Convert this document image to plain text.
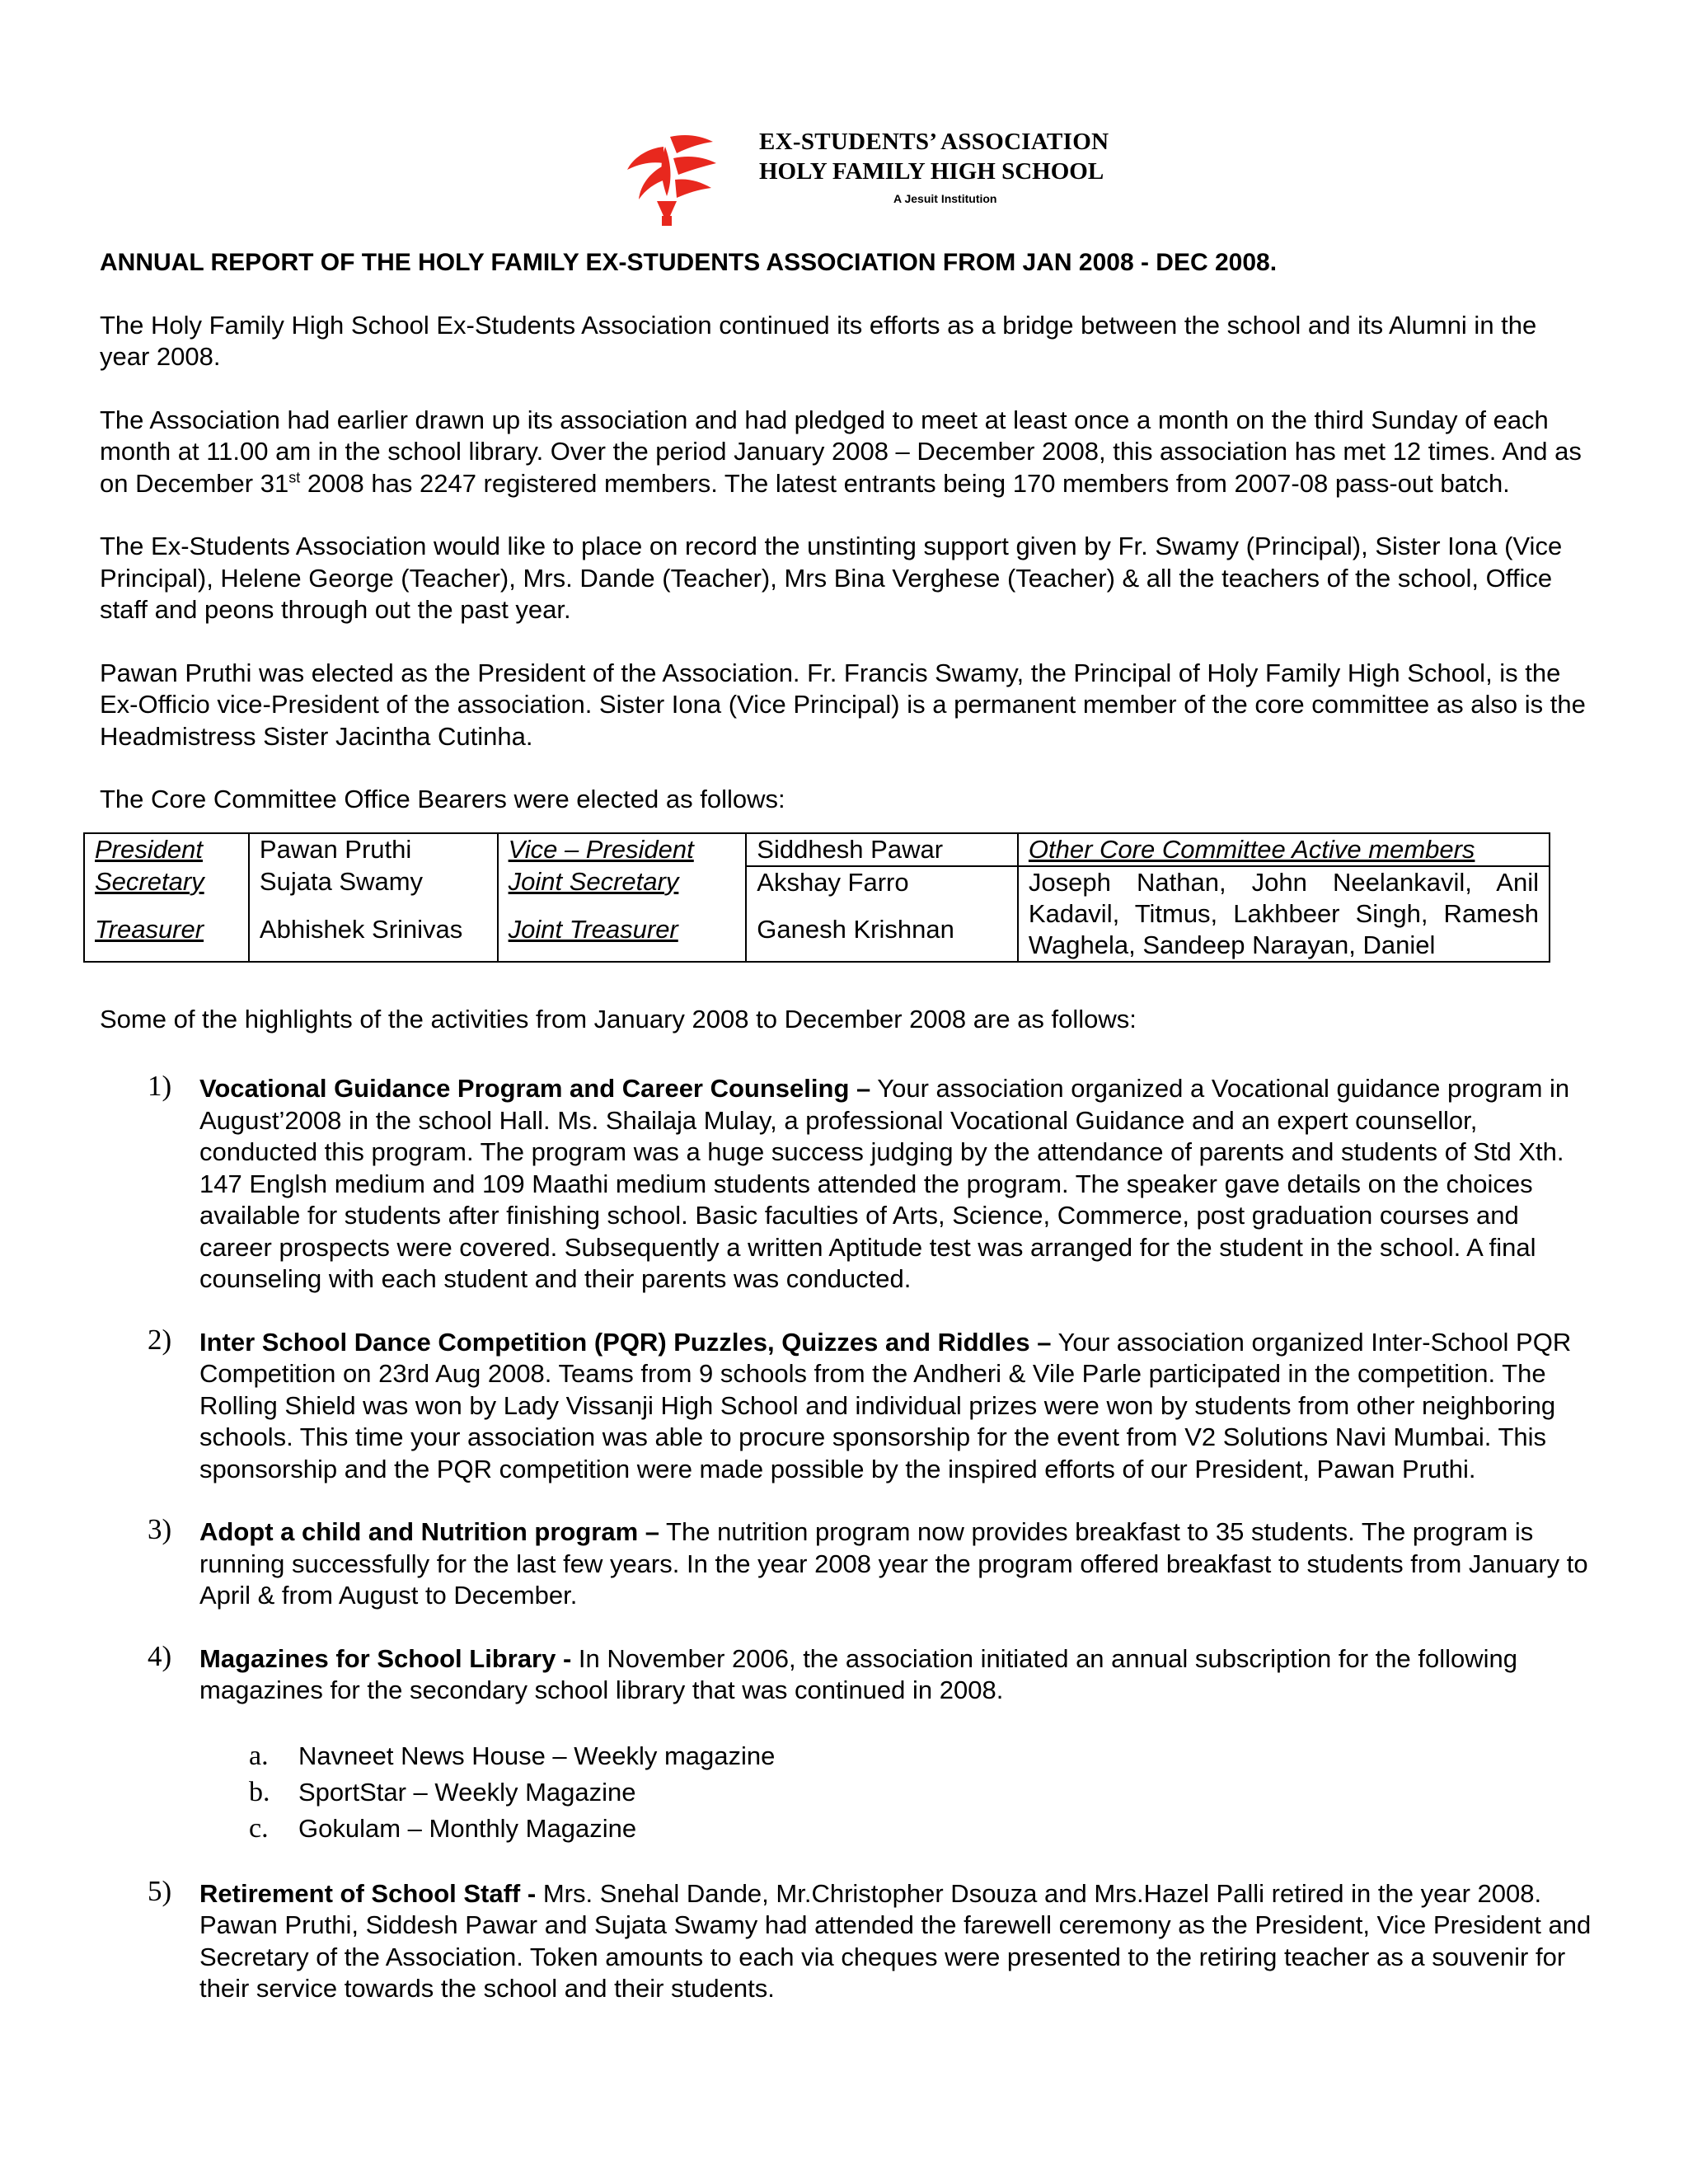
EX-STUDENTS’ ASSOCIATION
HOLY FAMILY HIGH SCHOOL
A Jesuit Institution
ANNUAL REPORT OF THE HOLY FAMILY EX-STUDENTS ASSOCIATION FROM JAN 2008 - DEC 2008.

The Holy Family High School Ex-Students Association continued its efforts as a bridge between the school and its Alumni in the year 2008.

The Association had earlier drawn up its association and had pledged to meet at least once a month on the third Sunday of each month at 11.00 am in the school library. Over the period January 2008 – December 2008, this association has met 12 times. And as on December 31st 2008 has 2247 registered members. The latest entrants being 170 members from 2007-08 pass-out batch.

The Ex-Students Association would like to place on record the unstinting support given by Fr. Swamy (Principal), Sister Iona (Vice Principal), Helene George (Teacher), Mrs. Dande (Teacher), Mrs Bina Verghese (Teacher) & all the teachers of the school, Office staff and peons through out the past year.

Pawan Pruthi was elected as the President of the Association. Fr. Francis Swamy, the Principal of Holy Family High School, is the Ex-Officio vice-President of the association. Sister Iona (Vice Principal) is a permanent member of the core committee as also is the Headmistress Sister Jacintha Cutinha.

The Core Committee Office Bearers were elected as follows:

President	Pawan Pruthi	Vice – President	Siddhesh Pawar	Other Core Committee Active members
Secretary	Sujata Swamy	Joint Secretary	Akshay Farro	Joseph Nathan, John Neelankavil, Anil Kadavil, Titmus, Lakhbeer Singh, Ramesh Waghela, Sandeep Narayan, Daniel
Treasurer	Abhishek Srinivas	Joint Treasurer	Ganesh Krishnan	

Some of the highlights of the activities from January 2008 to December 2008 are as follows:

1) Vocational Guidance Program and Career Counseling – Your association organized a Vocational guidance program in August’2008 in the school Hall. Ms. Shailaja Mulay, a professional Vocational Guidance and an expert counsellor, conducted this program. The program was a huge success judging by the attendance of parents and students of Std Xth. 147 Englsh medium and 109 Maathi medium students attended the program. The speaker gave details on the choices available for students after finishing school. Basic faculties of Arts, Science, Commerce, post graduation courses and career prospects were covered. Subsequently a written Aptitude test was arranged for the student in the school. A final counseling with each student and their parents was conducted.
2) Inter School Dance Competition (PQR) Puzzles, Quizzes and Riddles – Your association organized Inter-School PQR Competition on 23rd Aug 2008. Teams from 9 schools from the Andheri & Vile Parle participated in the competition. The Rolling Shield was won by Lady Vissanji High School and individual prizes were won by students from other neighboring schools. This time your association was able to procure sponsorship for the event from V2 Solutions Navi Mumbai. This sponsorship and the PQR competition were made possible by the inspired efforts of our President, Pawan Pruthi.
3) Adopt a child and Nutrition program – The nutrition program now provides breakfast to 35 students. The program is running successfully for the last few years. In the year 2008 year the program offered breakfast to students from January to April & from August to December.
4) Magazines for School Library - In November 2006, the association initiated an annual subscription for the following magazines for the secondary school library that was continued in 2008.
a. Navneet News House – Weekly magazine
b. SportStar – Weekly Magazine
c. Gokulam – Monthly Magazine
5) Retirement of School Staff - Mrs. Snehal Dande, Mr.Christopher Dsouza and Mrs.Hazel Palli retired in the year 2008. Pawan Pruthi, Siddesh Pawar and Sujata Swamy had attended the farewell ceremony as the President, Vice President and Secretary of the Association. Token amounts to each via cheques were presented to the retiring teacher as a souvenir for their service towards the school and their students.
